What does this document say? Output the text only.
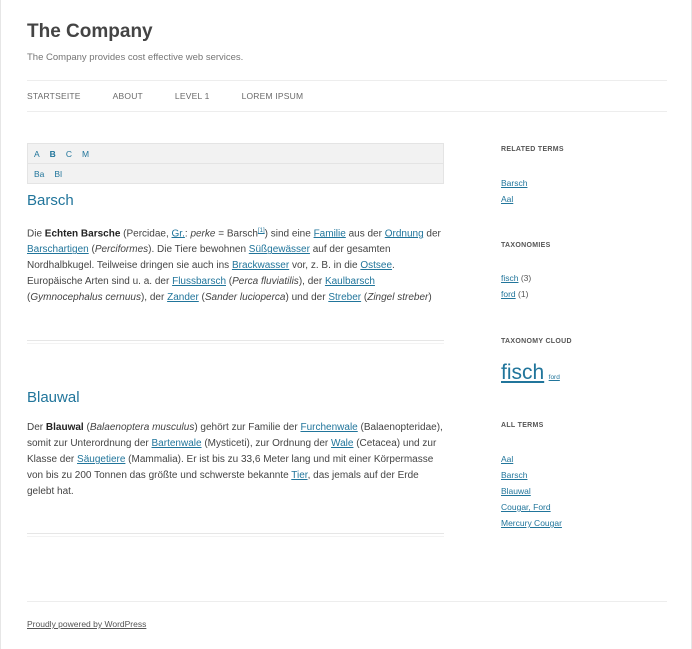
The Company
The Company provides cost effective web services.
STARTSEITE	ABOUT	LEVEL 1	LOREM IPSUM
A B C M
Ba Bl
Barsch
Die Echten Barsche (Percidae, Gr.: perke = Barsch[1]) sind eine Familie aus der Ordnung der Barschartigen (Perciformes). Die Tiere bewohnen Süßgewässer auf der gesamten Nordhalbkugel. Teilweise dringen sie auch ins Brackwasser vor, z. B. in die Ostsee. Europäische Arten sind u. a. der Flussbarsch (Perca fluviatilis), der Kaulbarsch (Gymnocephalus cernuus), der Zander (Sander lucioperca) und der Streber (Zingel streber)
Blauwal
Der Blauwal (Balaenoptera musculus) gehört zur Familie der Furchenwale (Balaenopteridae), somit zur Unterordnung der Bartenwale (Mysticeti), zur Ordnung der Wale (Cetacea) und zur Klasse der Säugetiere (Mammalia). Er ist bis zu 33,6 Meter lang und mit einer Körpermasse von bis zu 200 Tonnen das größte und schwerste bekannte Tier, das jemals auf der Erde gelebt hat.
RELATED TERMS
Barsch
Aal
TAXONOMIES
fisch (3)
ford (1)
TAXONOMY CLOUD
fisch ford
ALL TERMS
Aal
Barsch
Blauwal
Cougar, Ford
Mercury Cougar
Proudly powered by WordPress
